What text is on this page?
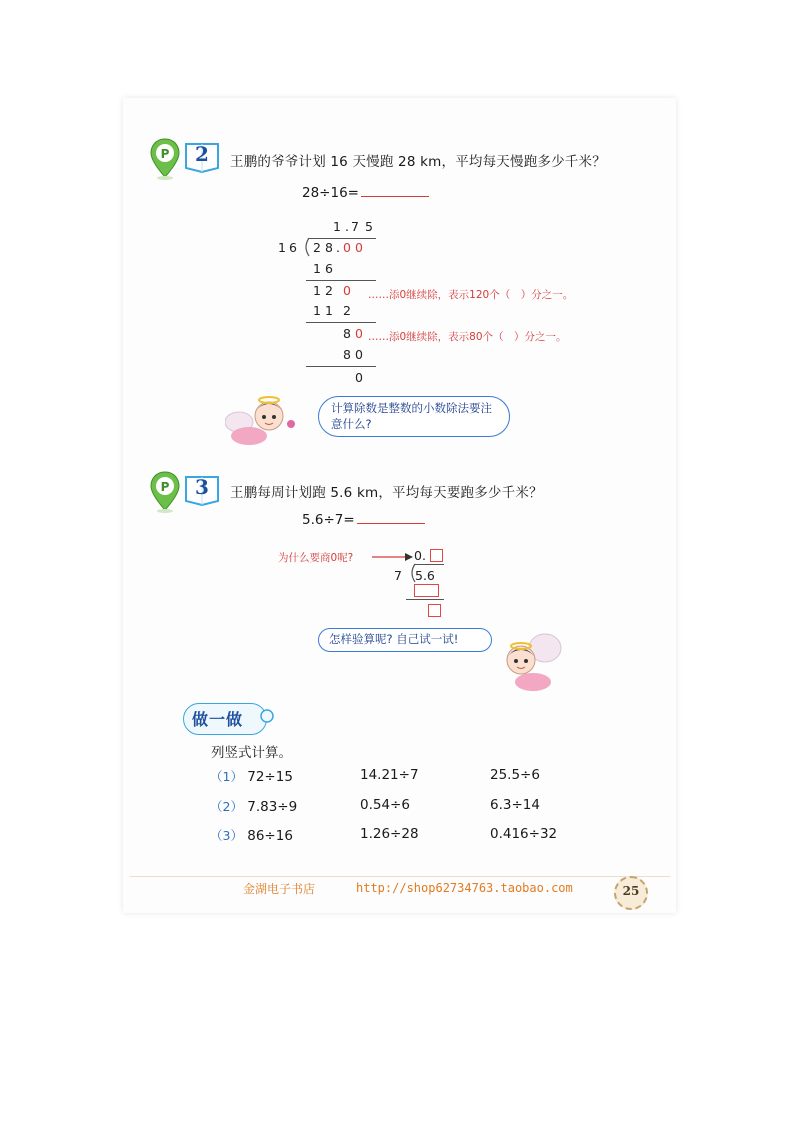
P	2	王鹏的爷爷计划 16 天慢跑 28 km，平均每天慢跑多少千米？
28÷16=
1 . 7 5
16 2 8 . 0 0
1 6
1 2 0
1 1 2
8 0
8 0
0
……添0继续除，表示120个（　）分之一。
……添0继续除，表示80个（　）分之一。
计算除数是整数的小数除法要注意什么?
P	3	王鹏每周计划跑 5.6 km，平均每天要跑多少千米？
5.6÷7=
为什么要商0呢?	0.
7 5.6
怎样验算呢? 自己试一试!
做一做
列竖式计算。
（1） 72÷15	14.21÷7	25.5÷6
（2） 7.83÷9	0.54÷6	6.3÷14
（3） 86÷16	1.26÷28	0.416÷32
金湖电子书店	http://shop62734763.taobao.com	25
